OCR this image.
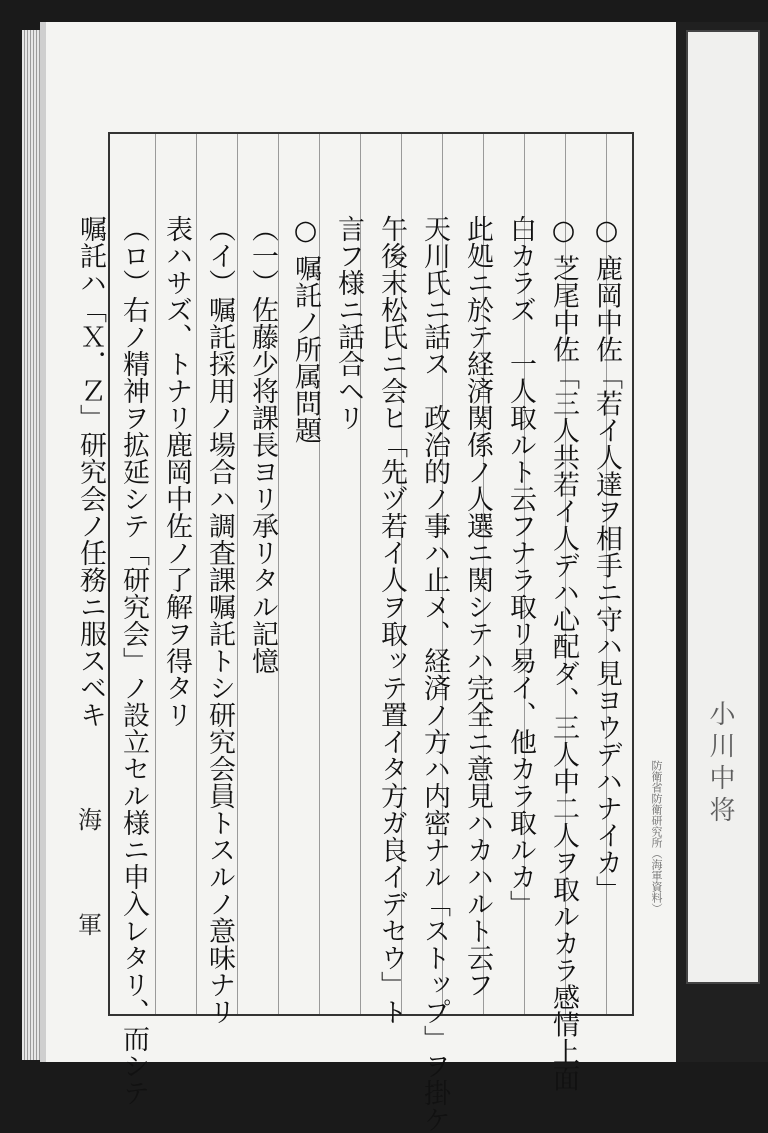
小川中将
防衛省防衛研究所（海軍資料）
○ 鹿岡中佐「若イ人達ヲ相手ニ守ハ見ヨウデハナイカ」
○ 芝尾中佐「三人共若イ人デハ心配ダ、三人中二人ヲ取ルカラ感情上面
白カラズ　一人取ルト云フナラ取リ易イ、他カラ取ルカ」
此処ニ於テ経済関係ノ人選ニ関シテハ完全ニ意見ハカハルト云フ
天川氏ニ話ス　政治的ノ事ハ止メ、経済ノ方ハ内密ナル「ストップ」ヲ掛ケ
午後末松氏ニ会ヒ「先ヅ若イ人ヲ取ッテ置イタ方ガ良イデセウ」ト
言フ様ニ話合ヘリ
○ 嘱託ノ所属問題
（一）佐藤少将課長ヨリ承リタル記憶
（イ）嘱託採用ノ場合ハ調査課嘱託トシ研究会員トスルノ意味ナリ
表ハサズ、トナリ鹿岡中佐ノ了解ヲ得タリ
（ロ）右ノ精神ヲ拡延シテ「研究会」ノ設立セル様ニ申入レタリ、而シテ
嘱託ハ「Ｘ．Ｚ」研究会ノ任務ニ服スベキ
海
軍
